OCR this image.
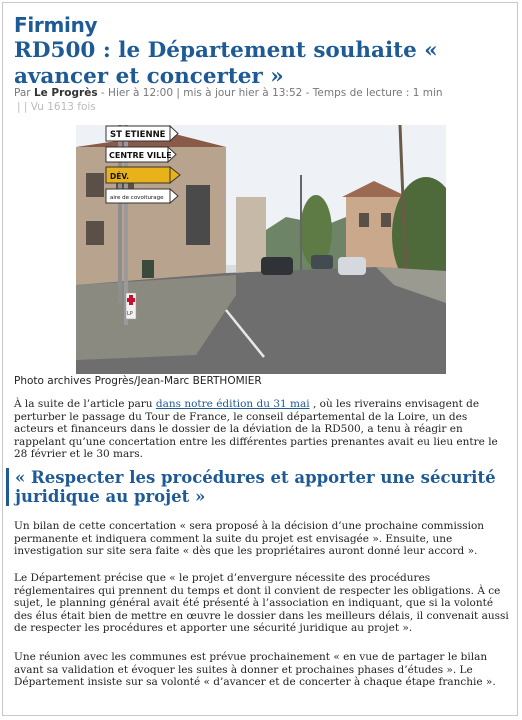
Firminy
RD500 : le Département souhaite « avancer et concerter »
Par Le Progrès - Hier à 12:00 | mis à jour hier à 13:52 - Temps de lecture : 1 min
| | Vu 1613 fois
ST ETIENNE
CENTRE VILLE
DÉV.
aire de covoiturage
LP
Photo archives Progrès/Jean-Marc BERTHOMIER

À la suite de l’article paru dans notre édition du 31 mai , où les riverains envisagent de perturber le passage du Tour de France, le conseil départemental de la Loire, un des acteurs et financeurs dans le dossier de la déviation de la RD500, a tenu à réagir en rappelant qu’une concertation entre les différentes parties prenantes avait eu lieu entre le 28 février et le 30 mars.

« Respecter les procédures et apporter une sécurité juridique au projet »

Un bilan de cette concertation « sera proposé à la décision d’une prochaine commission permanente et indiquera comment la suite du projet est envisagée ». Ensuite, une investigation sur site sera faite « dès que les propriétaires auront donné leur accord ».

Le Département précise que « le projet d’envergure nécessite des procédures réglementaires qui prennent du temps et dont il convient de respecter les obligations. À ce sujet, le planning général avait été présenté à l’association en indiquant, que si la volonté des élus était bien de mettre en œuvre le dossier dans les meilleurs délais, il convenait aussi de respecter les procédures et apporter une sécurité juridique au projet ».

Une réunion avec les communes est prévue prochainement « en vue de partager le bilan avant sa validation et évoquer les suites à donner et prochaines phases d’études ». Le Département insiste sur sa volonté « d’avancer et de concerter à chaque étape franchie ».
